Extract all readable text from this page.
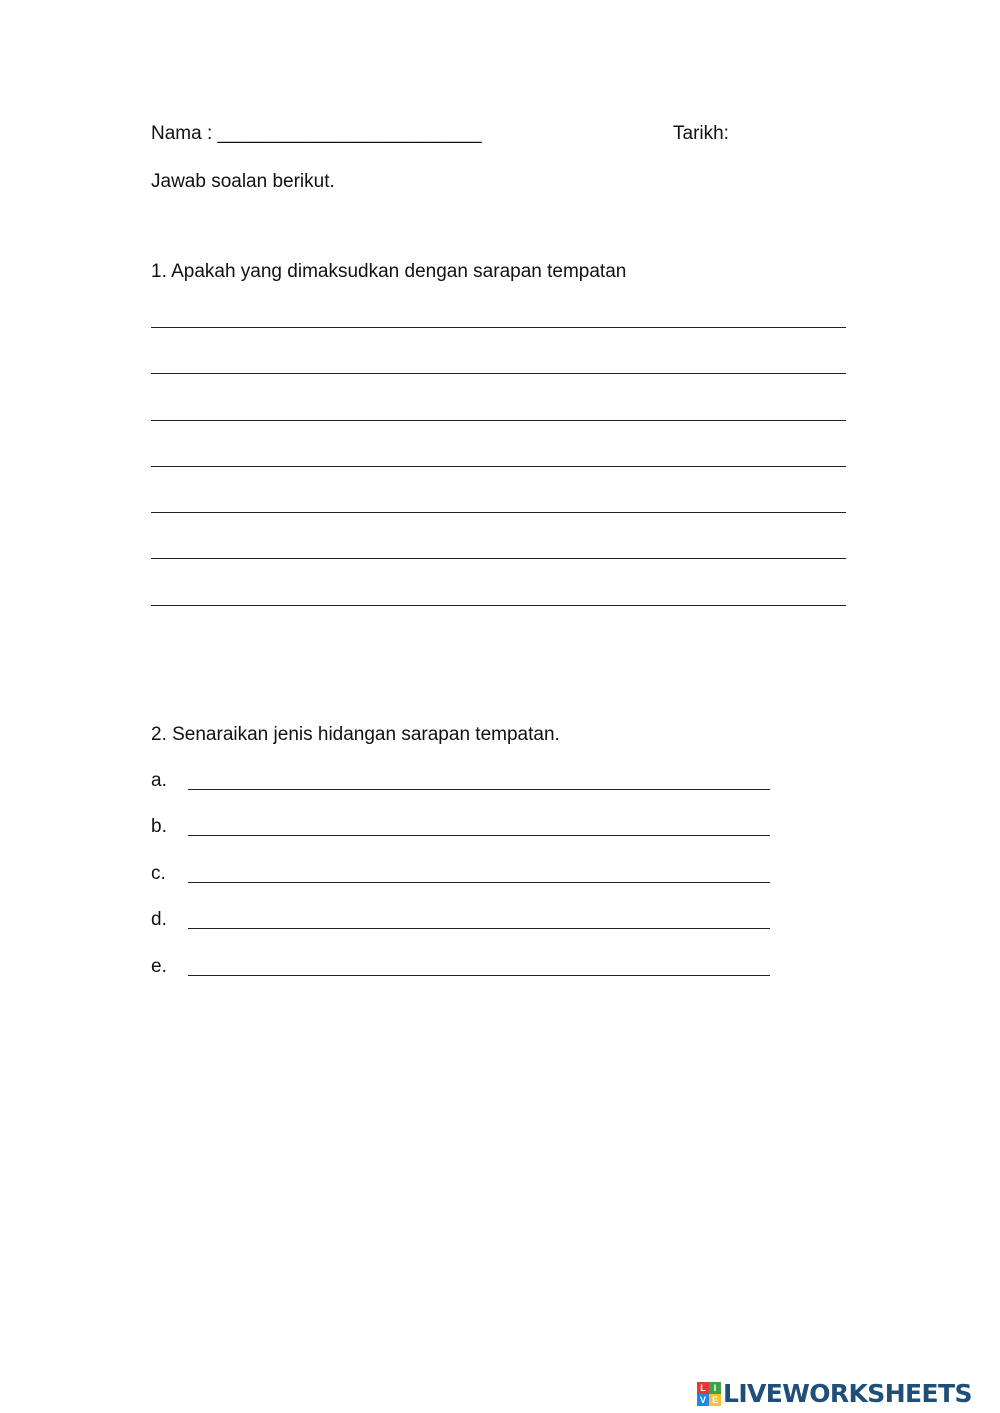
Nama : _________________________	Tarikh:
Jawab soalan berikut.
1. Apakah yang dimaksudkan dengan sarapan tempatan
2. Senaraikan jenis hidangan sarapan tempatan.
a.
b.
c.
d.
e.
L I
V E LIVEWORKSHEETS
